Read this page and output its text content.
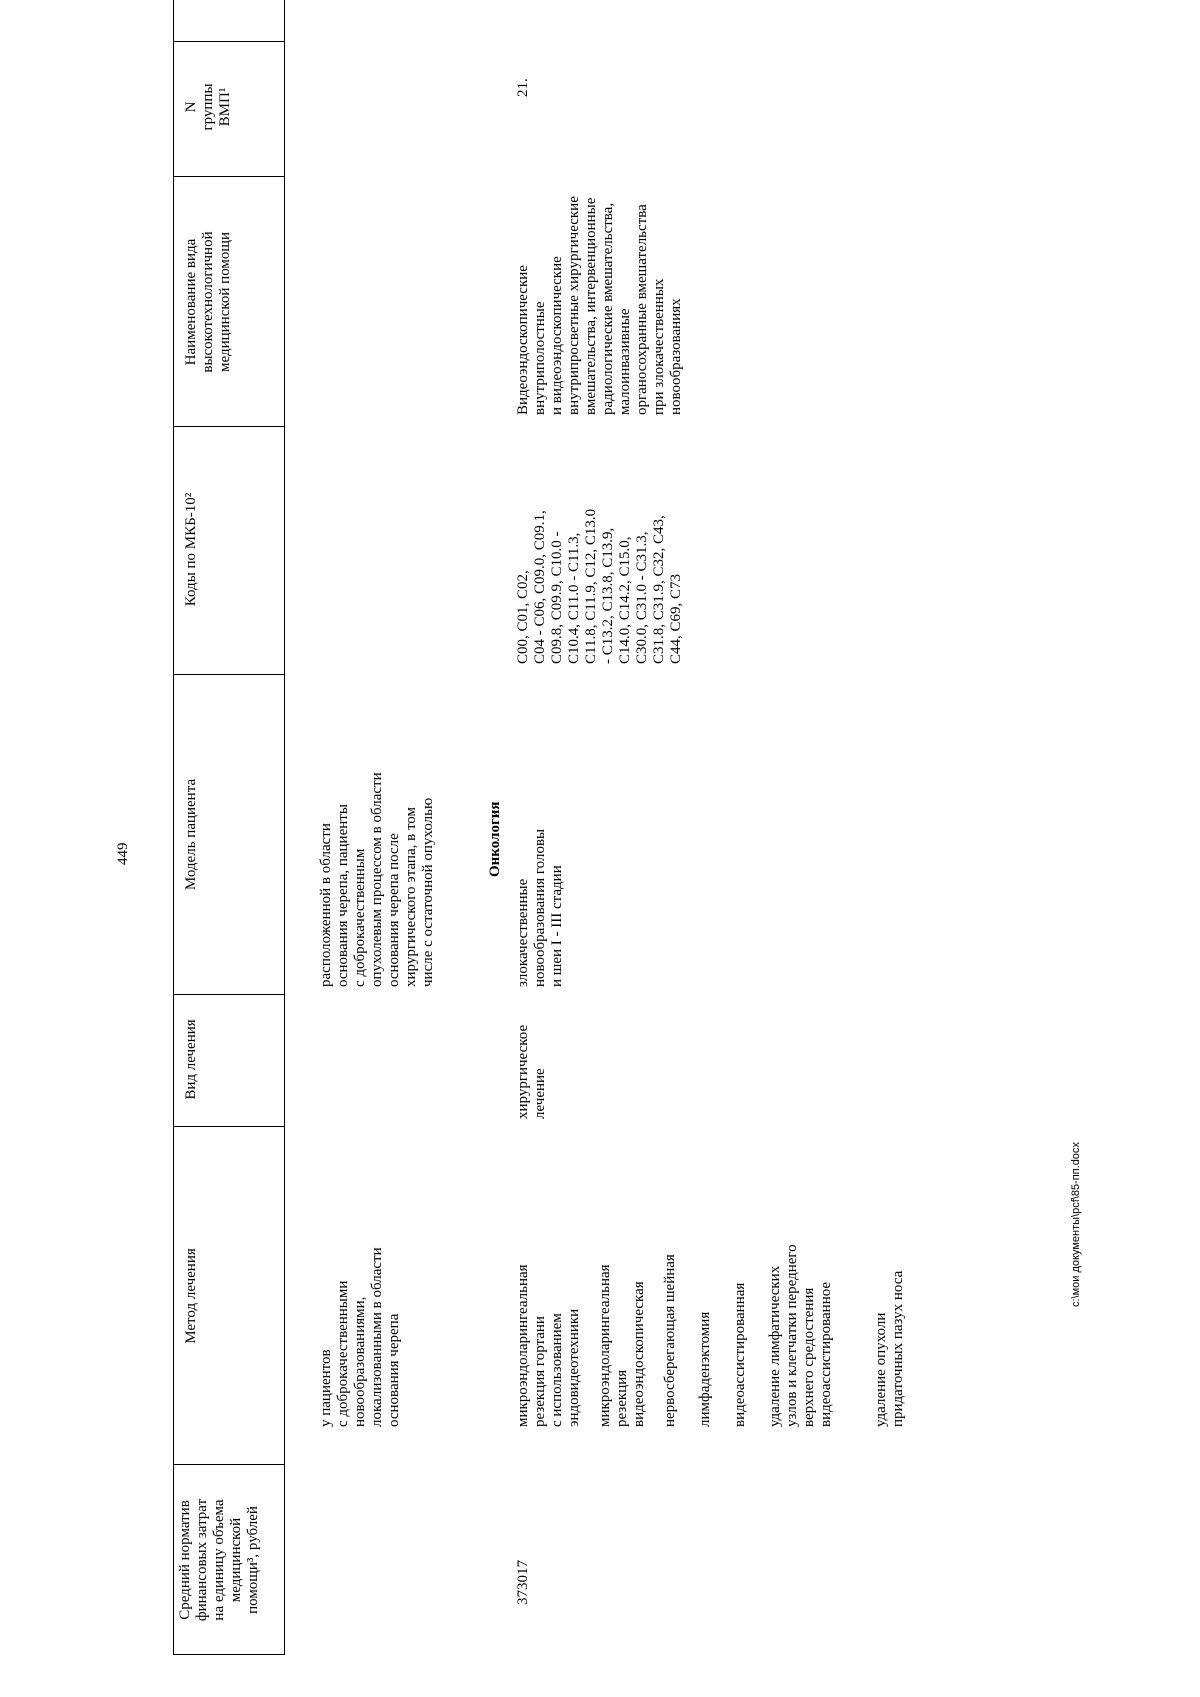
449
N
группы
ВМП¹
Наименование вида
высокотехнологичной
медицинской помощи
Коды по МКБ-10²
Модель пациента
Вид лечения
Метод лечения
Средний норматив
финансовых затрат
на единицу объема
медицинской
помощи³, рублей
расположенной в области
основания черепа, пациенты
с доброкачественным
опухолевым процессом в области
основания черепа после
хирургического этапа, в том
числе с остаточной опухолью
у пациентов
с доброкачественными
новообразованиями,
локализованными в области
основания черепа
Онкология
21.
Видеоэндоскопические
внутриполостные
и видеоэндоскопические
внутрипросветные хирургические
вмешательства, интервенционные
радиологические вмешательства,
малоинвазивные
органосохранные вмешательства
при злокачественных
новообразованиях
C00, C01, C02,
C04 - C06, C09.0, C09.1,
C09.8, C09.9, C10.0 -
C10.4, C11.0 - C11.3,
C11.8, C11.9, C12, C13.0
- C13.2, C13.8, C13.9,
C14.0, C14.2, C15.0,
C30.0, C31.0 - C31.3,
C31.8, C31.9, C32, C43,
C44, C69, C73
злокачественные
новообразования головы
и шеи I - III стадии
хирургическое
лечение
микроэндоларингеальная
резекция гортани
с использованием
эндовидеотехники микроэндоларингеальная
резекция
видеоэндоскопическая нервосберегающая шейная лимфаденэктомия видеоассистированная удаление лимфатических
узлов и клетчатки переднего
верхнего средостения
видеоассистированное	удаление опухоли
придаточных пазух носа
373017
c:\мои документы\pcf\85-пп.docx
